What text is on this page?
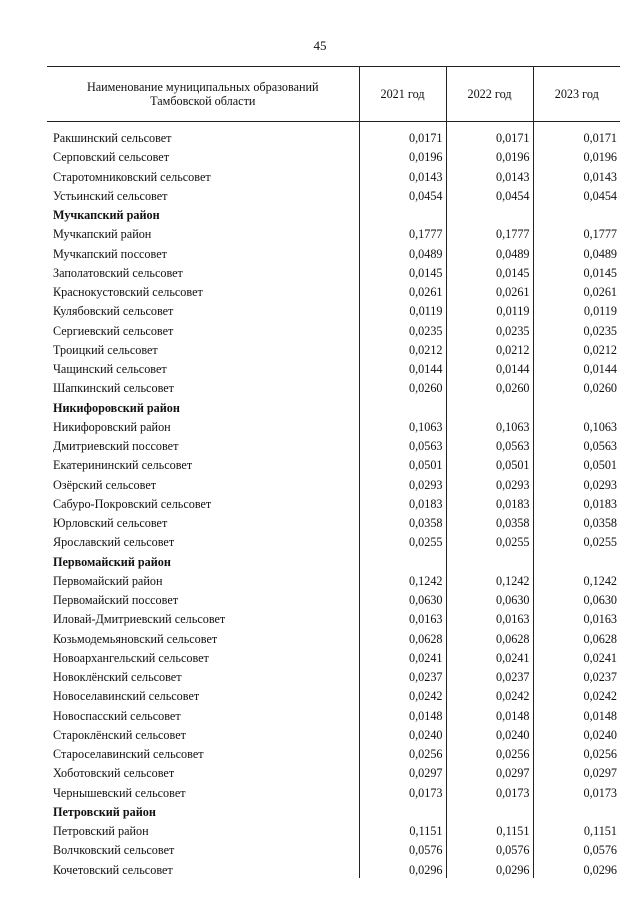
45
Наименование муниципальных образований Тамбовской области	2021 год	2022 год	2023 год
Ракшинский сельсовет	0,0171	0,0171	0,0171
Серповский сельсовет	0,0196	0,0196	0,0196
Старотомниковский сельсовет	0,0143	0,0143	0,0143
Устьинский сельсовет	0,0454	0,0454	0,0454
Мучкапский район			
Мучкапский район	0,1777	0,1777	0,1777
Мучкапский поссовет	0,0489	0,0489	0,0489
Заполатовский сельсовет	0,0145	0,0145	0,0145
Краснокустовский сельсовет	0,0261	0,0261	0,0261
Кулябовский сельсовет	0,0119	0,0119	0,0119
Сергиевский сельсовет	0,0235	0,0235	0,0235
Троицкий сельсовет	0,0212	0,0212	0,0212
Чащинский сельсовет	0,0144	0,0144	0,0144
Шапкинский сельсовет	0,0260	0,0260	0,0260
Никифоровский район			
Никифоровский район	0,1063	0,1063	0,1063
Дмитриевский поссовет	0,0563	0,0563	0,0563
Екатерининский сельсовет	0,0501	0,0501	0,0501
Озёрский сельсовет	0,0293	0,0293	0,0293
Сабуро-Покровский сельсовет	0,0183	0,0183	0,0183
Юрловский сельсовет	0,0358	0,0358	0,0358
Ярославский сельсовет	0,0255	0,0255	0,0255
Первомайский район			
Первомайский район	0,1242	0,1242	0,1242
Первомайский поссовет	0,0630	0,0630	0,0630
Иловай-Дмитриевский сельсовет	0,0163	0,0163	0,0163
Козьмодемьяновский сельсовет	0,0628	0,0628	0,0628
Новоархангельский сельсовет	0,0241	0,0241	0,0241
Новоклёнский сельсовет	0,0237	0,0237	0,0237
Новоселавинский сельсовет	0,0242	0,0242	0,0242
Новоспасский сельсовет	0,0148	0,0148	0,0148
Староклёнский сельсовет	0,0240	0,0240	0,0240
Староселавинский сельсовет	0,0256	0,0256	0,0256
Хоботовский сельсовет	0,0297	0,0297	0,0297
Чернышевский сельсовет	0,0173	0,0173	0,0173
Петровский район			
Петровский район	0,1151	0,1151	0,1151
Волчковский сельсовет	0,0576	0,0576	0,0576
Кочетовский сельсовет	0,0296	0,0296	0,0296
